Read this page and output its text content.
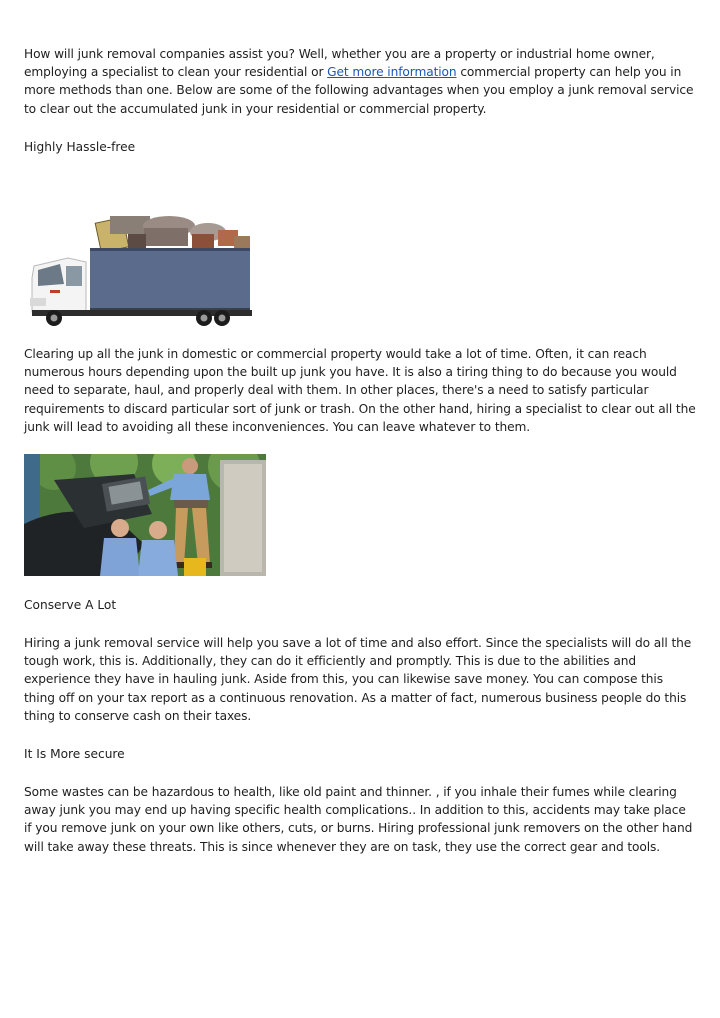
How will junk removal companies assist you? Well, whether you are a property or industrial home owner, employing a specialist to clean your residential or Get more information commercial property can help you in more methods than one. Below are some of the following advantages when you employ a junk removal service to clear out the accumulated junk in your residential or commercial property.

Highly Hassle-free

Clearing up all the junk in domestic or commercial property would take a lot of time. Often, it can reach numerous hours depending upon the built up junk you have. It is also a tiring thing to do because you would need to separate, haul, and properly deal with them. In other places, there's a need to satisfy particular requirements to discard particular sort of junk or trash. On the other hand, hiring a specialist to clear out all the junk will lead to avoiding all these inconveniences. You can leave whatever to them.

Conserve A Lot

Hiring a junk removal service will help you save a lot of time and also effort. Since the specialists will do all the tough work, this is. Additionally, they can do it efficiently and promptly. This is due to the abilities and experience they have in hauling junk. Aside from this, you can likewise save money. You can compose this thing off on your tax report as a continuous renovation. As a matter of fact, numerous business people do this thing to conserve cash on their taxes.

It Is More secure

Some wastes can be hazardous to health, like old paint and thinner. , if you inhale their fumes while clearing away junk you may end up having specific health complications.. In addition to this, accidents may take place if you remove junk on your own like others, cuts, or burns. Hiring professional junk removers on the other hand will take away these threats. This is since whenever they are on task, they use the correct gear and tools.
